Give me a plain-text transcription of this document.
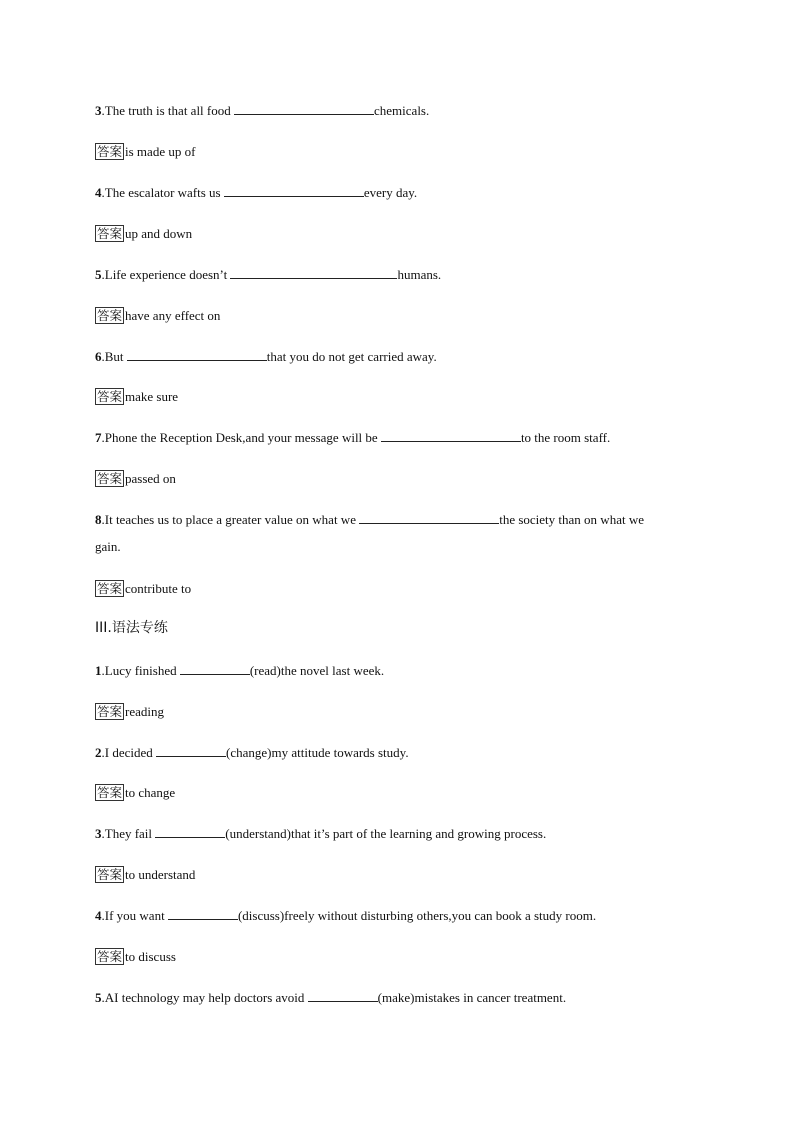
3.The truth is that all food	chemicals.
答案 is made up of
4.The escalator wafts us	every day.
答案 up and down
5.Life experience doesn’t	humans.
答案 have any effect on
6.But	that you do not get carried away.
答案 make sure
7.Phone the Reception Desk,and your message will be	to the room staff.
答案 passed on
8.It teaches us to place a greater value on what we	the society than on what we
gain.
答案 contribute to
III.语法专练
1.Lucy finished	(read)the novel last week.
答案 reading
2.I decided	(change)my attitude towards study.
答案 to change
3.They fail	(understand)that it’s part of the learning and growing process.
答案 to understand
4.If you want	(discuss)freely without disturbing others,you can book a study room.
答案 to discuss
5.AI technology may help doctors avoid	(make)mistakes in cancer treatment.
